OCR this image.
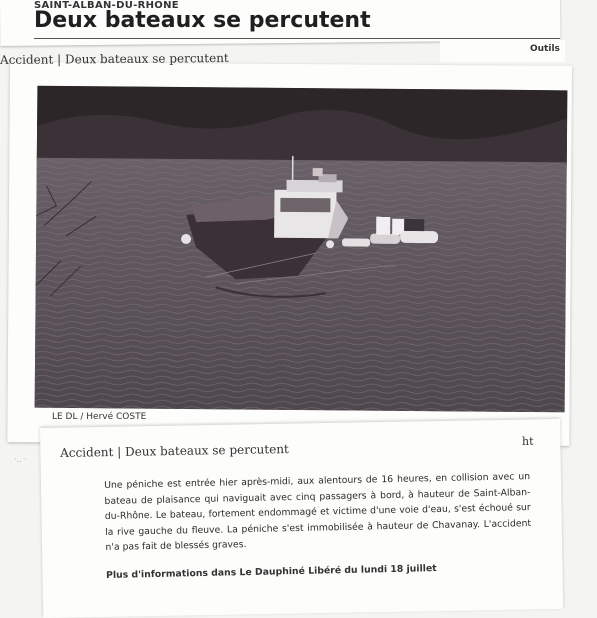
SAINT-ALBAN-DU-RHÔNE
Deux bateaux se percutent
Outils
Accident | Deux bateaux se percutent
LE DL / Hervé COSTE
ht
·‥ ·	Accident | Deux bateaux se percutent
Une péniche est entrée hier après-midi, aux alentours de 16 heures, en collision avec un bateau de plaisance qui naviguait avec cinq passagers à bord, à hauteur de Saint-Alban-du-Rhône. Le bateau, fortement endommagé et victime d'une voie d'eau, s'est échoué sur la rive gauche du fleuve. La péniche s'est immobilisée à hauteur de Chavanay. L'accident n'a pas fait de blessés graves.
Plus d'informations dans Le Dauphiné Libéré du lundi 18 juillet
